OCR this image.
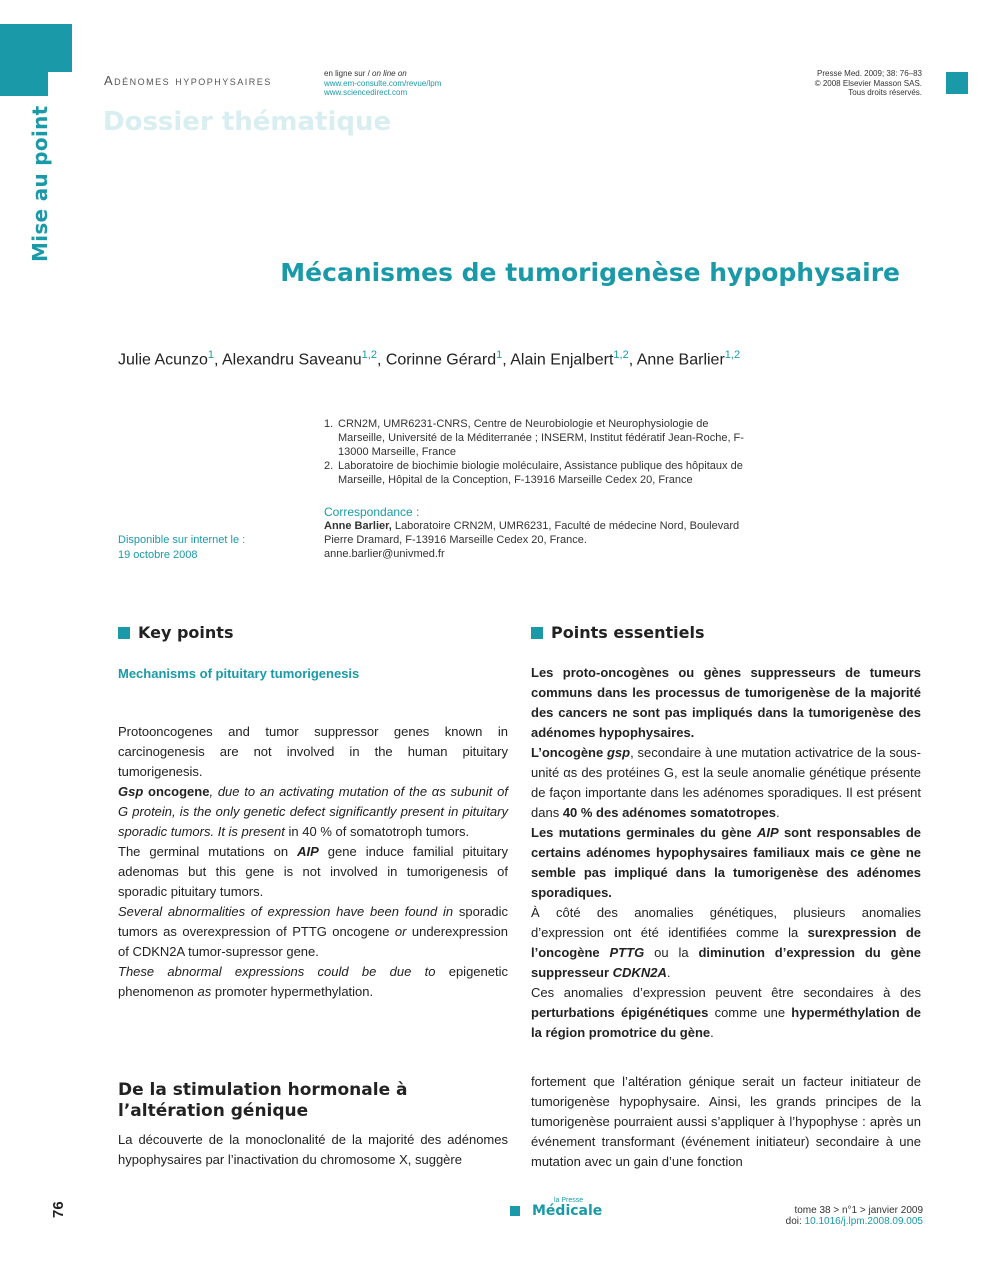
Mise au point
76
Adénomes hypophysaires
Dossier thématique
en ligne sur / on line on
www.em-consulte.com/revue/lpm
www.sciencedirect.com
Presse Med. 2009; 38: 76–83
© 2008 Elsevier Masson SAS.
Tous droits réservés.
Mécanismes de tumorigenèse hypophysaire
Julie Acunzo$^1$, Alexandru Saveanu$^{1,2}$, Corinne Gérard$^1$, Alain Enjalbert$^{1,2}$, Anne Barlier$^{1,2}$
1. CRN2M, UMR6231-CNRS, Centre de Neurobiologie et Neurophysiologie de Marseille, Université de la Méditerranée ; INSERM, Institut fédératif Jean-Roche, F-13000 Marseille, France
2. Laboratoire de biochimie biologie moléculaire, Assistance publique des hôpitaux de Marseille, Hôpital de la Conception, F-13916 Marseille Cedex 20, France
Correspondance :
Anne Barlier, Laboratoire CRN2M, UMR6231, Faculté de médecine Nord, Boulevard Pierre Dramard, F-13916 Marseille Cedex 20, France.
anne.barlier@univmed.fr
Disponible sur internet le :
19 octobre 2008
Key points
Mechanisms of pituitary tumorigenesis

Protooncogenes and tumor suppressor genes known in carcinogenesis are not involved in the human pituitary tumorigenesis.

Gsp oncogene, due to an activating mutation of the αs subunit of G protein, is the only genetic defect significantly present in pituitary sporadic tumors. It is present in 40 % of somatotroph tumors.

The germinal mutations on AIP gene induce familial pituitary adenomas but this gene is not involved in tumorigenesis of sporadic pituitary tumors.

Several abnormalities of expression have been found in sporadic tumors as overexpression of PTTG oncogene or underexpression of CDKN2A tumor-supressor gene.

These abnormal expressions could be due to epigenetic phenomenon as promoter hypermethylation.

Points essentiels

Les proto-oncogènes ou gènes suppresseurs de tumeurs communs dans les processus de tumorigenèse de la majorité des cancers ne sont pas impliqués dans la tumorigenèse des adénomes hypophysaires.

L’oncogène gsp, secondaire à une mutation activatrice de la sous-unité αs des protéines G, est la seule anomalie génétique présente de façon importante dans les adénomes sporadiques. Il est présent dans 40 % des adénomes somatotropes.

Les mutations germinales du gène AIP sont responsables de certains adénomes hypophysaires familiaux mais ce gène ne semble pas impliqué dans la tumorigenèse des adénomes sporadiques.

À côté des anomalies génétiques, plusieurs anomalies d’expression ont été identifiées comme la surexpression de l’oncogène PTTG ou la diminution d’expression du gène suppresseur CDKN2A.

Ces anomalies d’expression peuvent être secondaires à des perturbations épigénétiques comme une hyperméthylation de la région promotrice du gène.

De la stimulation hormonale à l’altération génique
La découverte de la monoclonalité de la majorité des adénomes hypophysaires par l’inactivation du chromosome X, suggère
fortement que l’altération génique serait un facteur initiateur de tumorigenèse hypophysaire. Ainsi, les grands principes de la tumorigenèse pourraient aussi s’appliquer à l’hypophyse : après un événement transformant (événement initiateur) secondaire à une mutation avec un gain d’une fonction
la Presse
Médicale	tome 38 > n°1 > janvier 2009
doi: 10.1016/j.lpm.2008.09.005
